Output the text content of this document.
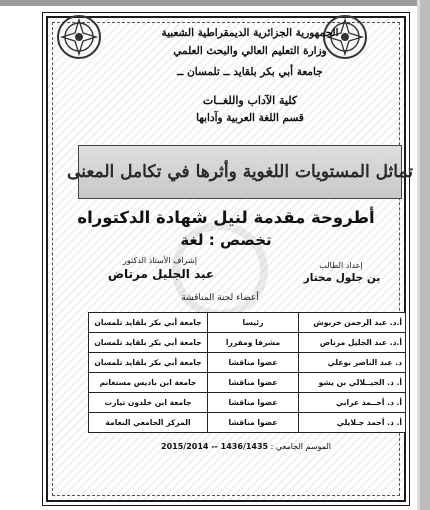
الجمهورية الجزائرية الديمقراطية الشعبية
وزارة التعليم العالي والبحث العلمي
جامعة أبي بكر بلقايد ــ تلمسان ــ
كلية الآداب واللغــات
قسم اللغة العربية وآدابها
تماثل المستويات اللغوية وأثرها في تكامل المعنى
أطروحة مقدمة لنيل شهادة الدكتوراه
تخصص : لغة
إشراف الأستاذ الدكتور
عبد الجليل مرتاض
إعداد الطالب
بن جلول مختار
أعضاء لجنة المناقشة
أ.د. عبد الرحمن خربوش	رئيسا	جامعة أبي بكر بلقايد تلمسان
أ.د. عبد الجليل مرتاض	مشرفا ومقررا	جامعة أبي بكر بلقايد تلمسان
د. عبد الناصر بوعلي	عضوا مناقشا	جامعة أبي بكر بلقايد تلمسان
أ. د. الجيــلالي بن يشو	عضوا مناقشا	جامعة ابن باديس مستغانم
أ. د. أحــمد عرابي	عضوا مناقشا	جامعة ابن خلدون تيارت
أ. د. أحمد جـلايلي	عضوا مناقشا	المركز الجامعي النعامة
الموسم الجامعي : 1436/1435 -- 2015/2014
